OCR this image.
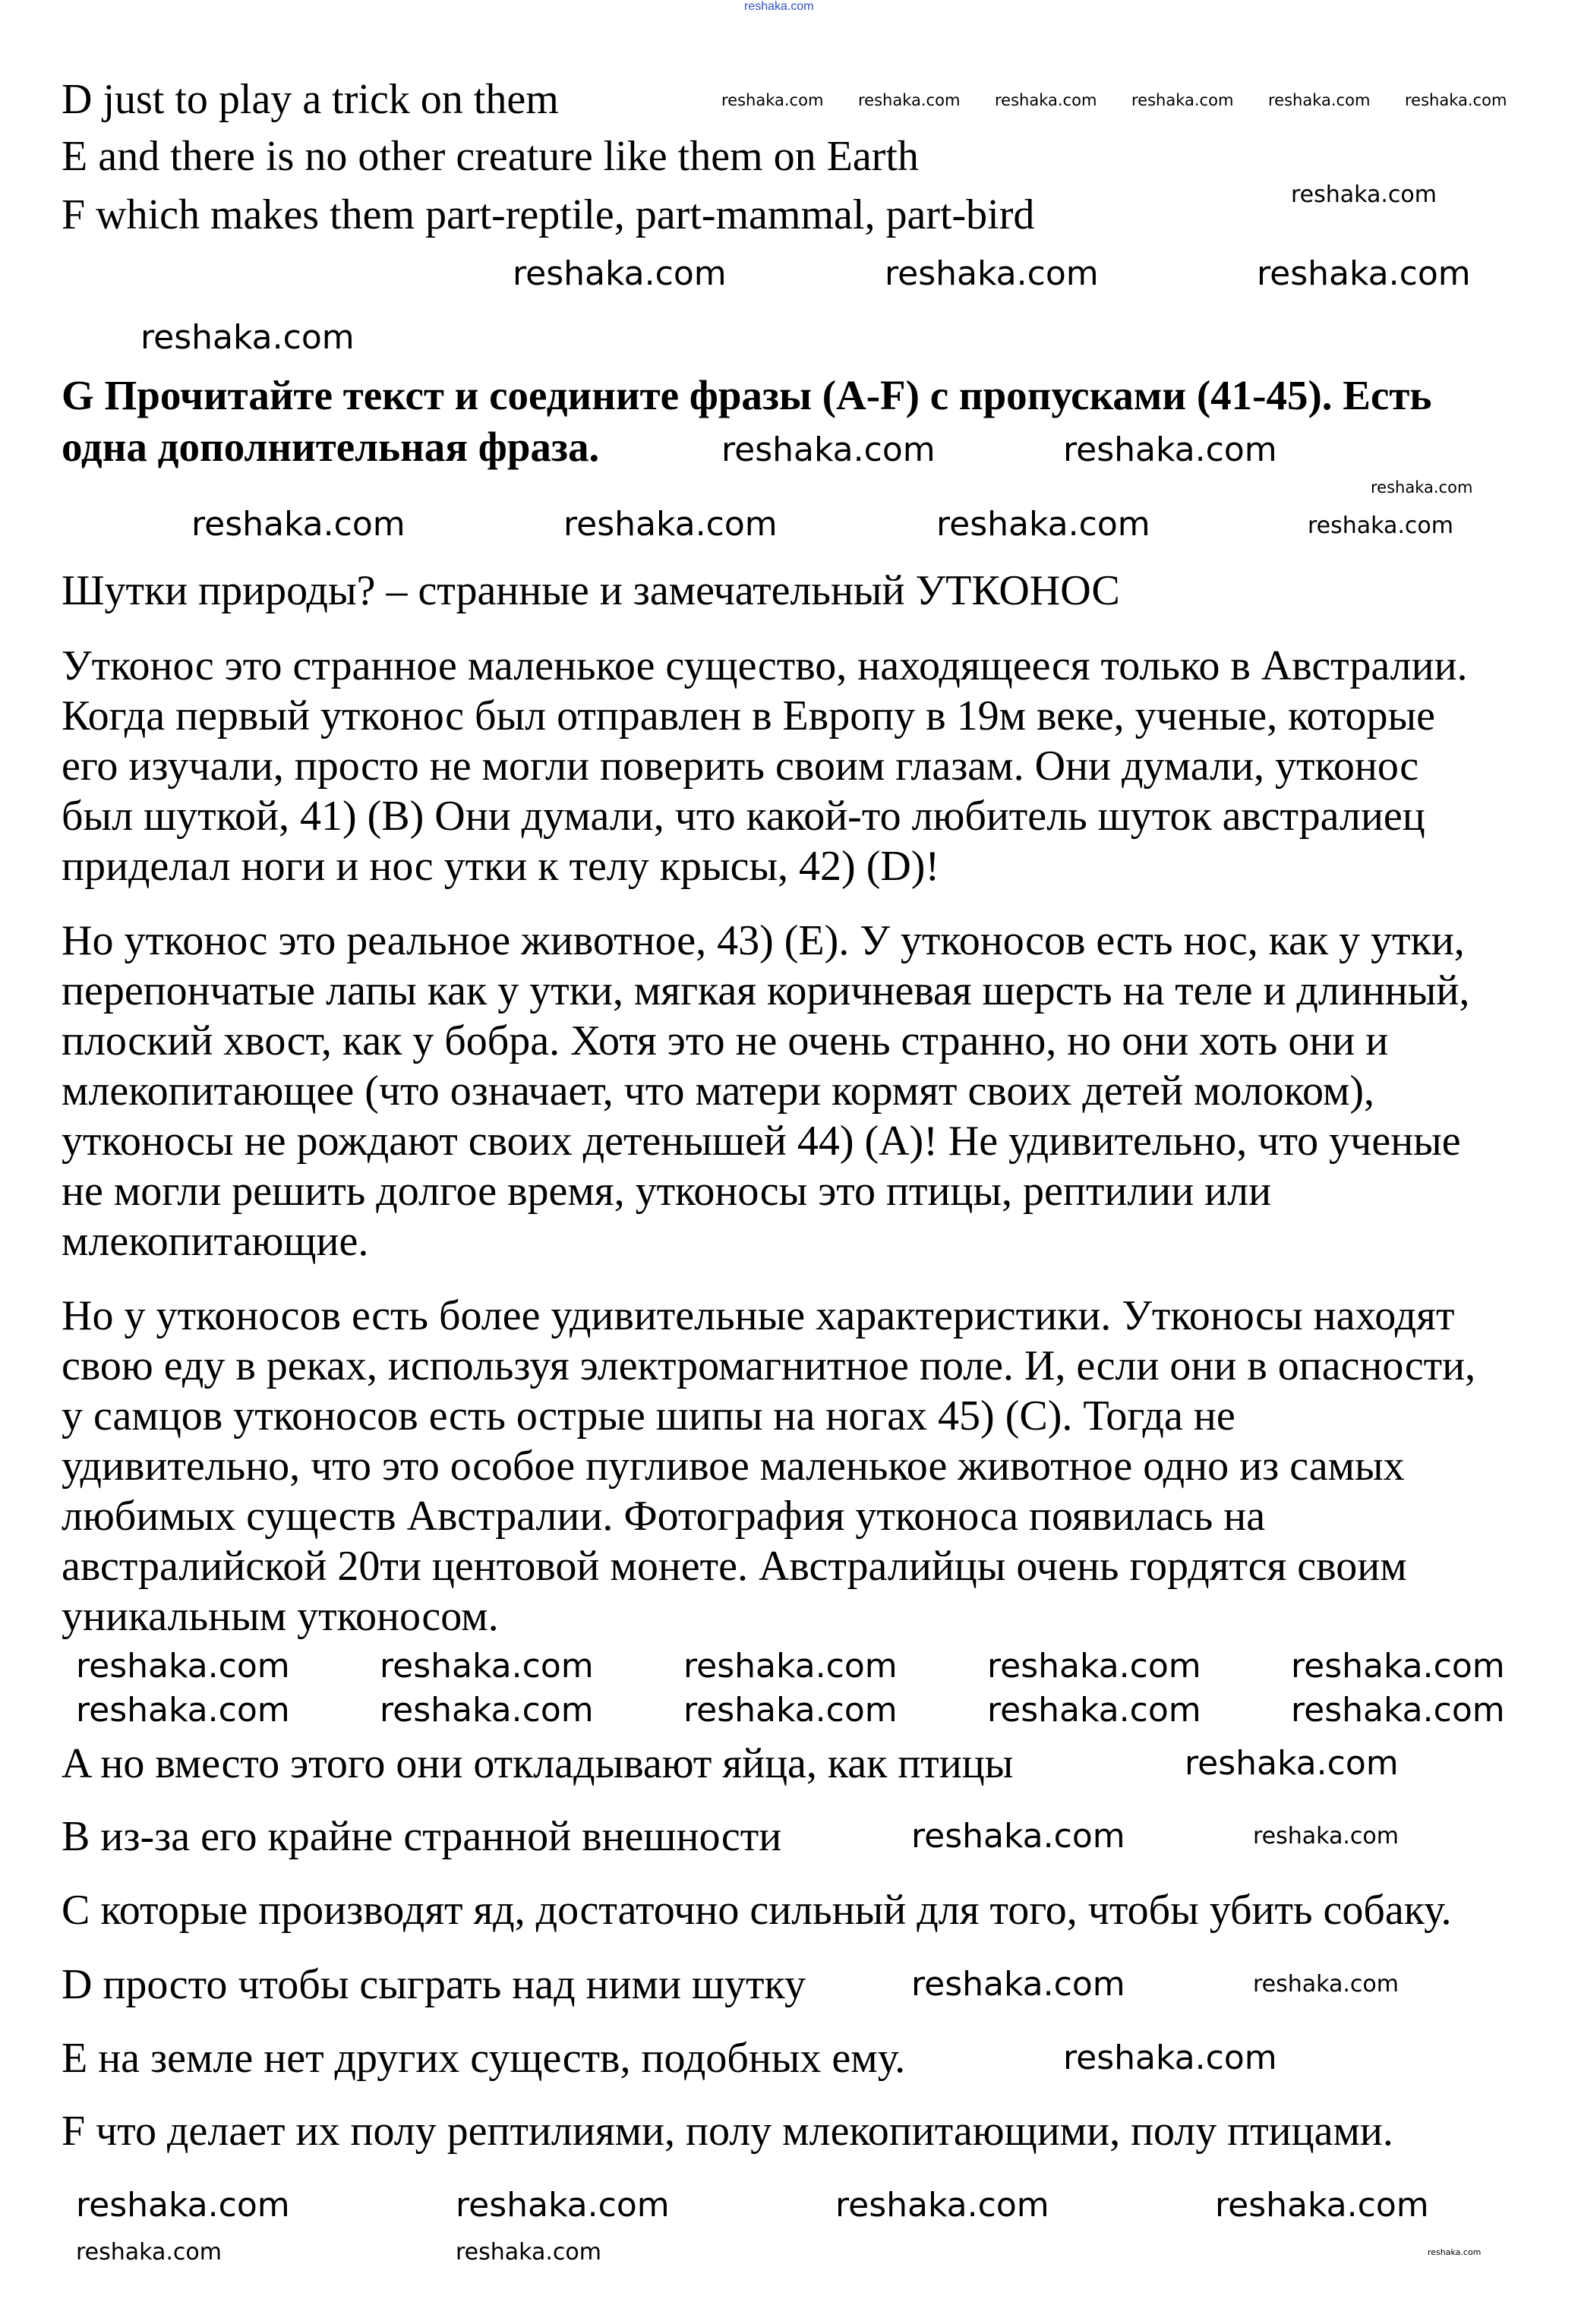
reshaka.com
D just to play a trick on them
E and there is no other creature like them on Earth
F which makes them part-reptile, part-mammal, part-bird
G Прочитайте текст и соедините фразы (A-F) с пропусками (41-45). Есть
одна дополнительная фраза.
Шутки природы? – странные и замечательный УТКОНОС
Утконос это странное маленькое существо, находящееся только в Австралии.
Когда первый утконос был отправлен в Европу в 19м веке, ученые, которые
его изучали, просто не могли поверить своим глазам. Они думали, утконос
был шуткой, 41) (B) Они думали, что какой-то любитель шуток австралиец
приделал ноги и нос утки к телу крысы, 42) (D)!
Но утконос это реальное животное, 43) (E). У утконосов есть нос, как у утки,
перепончатые лапы как у утки, мягкая коричневая шерсть на теле и длинный,
плоский хвост, как у бобра. Хотя это не очень странно, но они хоть они и
млекопитающее (что означает, что матери кормят своих детей молоком),
утконосы не рождают своих детенышей 44) (A)! Не удивительно, что ученые
не могли решить долгое время, утконосы это птицы, рептилии или
млекопитающие.
Но у утконосов есть более удивительные характеристики. Утконосы находят
свою еду в реках, используя электромагнитное поле. И, если они в опасности,
у самцов утконосов есть острые шипы на ногах 45) (C). Тогда не
удивительно, что это особое пугливое маленькое животное одно из самых
любимых существ Австралии. Фотография утконоса появилась на
австралийской 20ти центовой монете. Австралийцы очень гордятся своим
уникальным утконосом.
A но вместо этого они откладывают яйца, как птицы
B из-за его крайне странной внешности
C которые производят яд, достаточно сильный для того, чтобы убить собаку.
D просто чтобы сыграть над ними шутку
E на земле нет других существ, подобных ему.
F что делает их полу рептилиями, полу млекопитающими, полу птицами.
reshaka.com reshaka.com reshaka.com reshaka.com reshaka.com reshaka.com
reshaka.com
reshaka.com	reshaka.com	reshaka.com
reshaka.com
reshaka.com	reshaka.com
reshaka.com
reshaka.com	reshaka.com	reshaka.com	reshaka.com
reshaka.com	reshaka.com	reshaka.com	reshaka.com	reshaka.com
reshaka.com	reshaka.com	reshaka.com	reshaka.com	reshaka.com
reshaka.com
reshaka.com	reshaka.com
reshaka.com	reshaka.com
reshaka.com
reshaka.com	reshaka.com	reshaka.com	reshaka.com
reshaka.com	reshaka.com	reshaka.com
